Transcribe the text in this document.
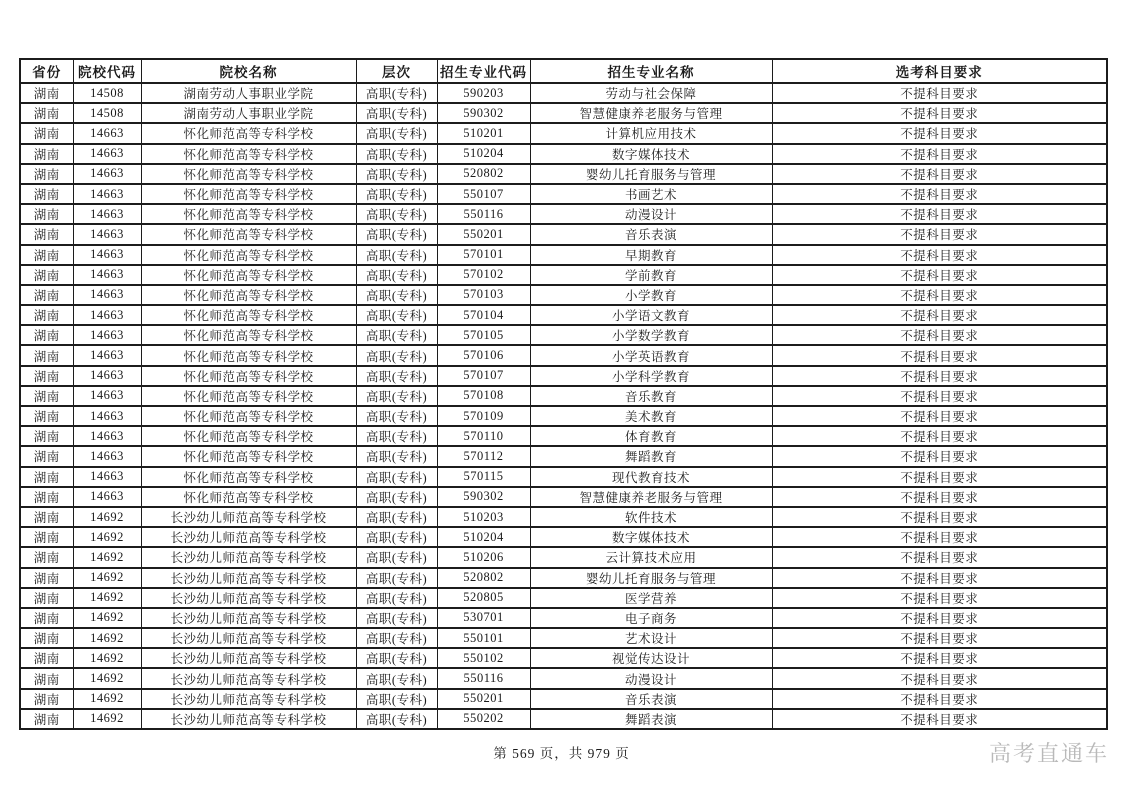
省份	院校代码	院校名称	层次	招生专业代码	招生专业名称	选考科目要求
湖南	14508	湖南劳动人事职业学院	高职(专科)	590203	劳动与社会保障	不提科目要求
湖南	14508	湖南劳动人事职业学院	高职(专科)	590302	智慧健康养老服务与管理	不提科目要求
湖南	14663	怀化师范高等专科学校	高职(专科)	510201	计算机应用技术	不提科目要求
湖南	14663	怀化师范高等专科学校	高职(专科)	510204	数字媒体技术	不提科目要求
湖南	14663	怀化师范高等专科学校	高职(专科)	520802	婴幼儿托育服务与管理	不提科目要求
湖南	14663	怀化师范高等专科学校	高职(专科)	550107	书画艺术	不提科目要求
湖南	14663	怀化师范高等专科学校	高职(专科)	550116	动漫设计	不提科目要求
湖南	14663	怀化师范高等专科学校	高职(专科)	550201	音乐表演	不提科目要求
湖南	14663	怀化师范高等专科学校	高职(专科)	570101	早期教育	不提科目要求
湖南	14663	怀化师范高等专科学校	高职(专科)	570102	学前教育	不提科目要求
湖南	14663	怀化师范高等专科学校	高职(专科)	570103	小学教育	不提科目要求
湖南	14663	怀化师范高等专科学校	高职(专科)	570104	小学语文教育	不提科目要求
湖南	14663	怀化师范高等专科学校	高职(专科)	570105	小学数学教育	不提科目要求
湖南	14663	怀化师范高等专科学校	高职(专科)	570106	小学英语教育	不提科目要求
湖南	14663	怀化师范高等专科学校	高职(专科)	570107	小学科学教育	不提科目要求
湖南	14663	怀化师范高等专科学校	高职(专科)	570108	音乐教育	不提科目要求
湖南	14663	怀化师范高等专科学校	高职(专科)	570109	美术教育	不提科目要求
湖南	14663	怀化师范高等专科学校	高职(专科)	570110	体育教育	不提科目要求
湖南	14663	怀化师范高等专科学校	高职(专科)	570112	舞蹈教育	不提科目要求
湖南	14663	怀化师范高等专科学校	高职(专科)	570115	现代教育技术	不提科目要求
湖南	14663	怀化师范高等专科学校	高职(专科)	590302	智慧健康养老服务与管理	不提科目要求
湖南	14692	长沙幼儿师范高等专科学校	高职(专科)	510203	软件技术	不提科目要求
湖南	14692	长沙幼儿师范高等专科学校	高职(专科)	510204	数字媒体技术	不提科目要求
湖南	14692	长沙幼儿师范高等专科学校	高职(专科)	510206	云计算技术应用	不提科目要求
湖南	14692	长沙幼儿师范高等专科学校	高职(专科)	520802	婴幼儿托育服务与管理	不提科目要求
湖南	14692	长沙幼儿师范高等专科学校	高职(专科)	520805	医学营养	不提科目要求
湖南	14692	长沙幼儿师范高等专科学校	高职(专科)	530701	电子商务	不提科目要求
湖南	14692	长沙幼儿师范高等专科学校	高职(专科)	550101	艺术设计	不提科目要求
湖南	14692	长沙幼儿师范高等专科学校	高职(专科)	550102	视觉传达设计	不提科目要求
湖南	14692	长沙幼儿师范高等专科学校	高职(专科)	550116	动漫设计	不提科目要求
湖南	14692	长沙幼儿师范高等专科学校	高职(专科)	550201	音乐表演	不提科目要求
湖南	14692	长沙幼儿师范高等专科学校	高职(专科)	550202	舞蹈表演	不提科目要求
第 569 页，共 979 页	高考直通车
